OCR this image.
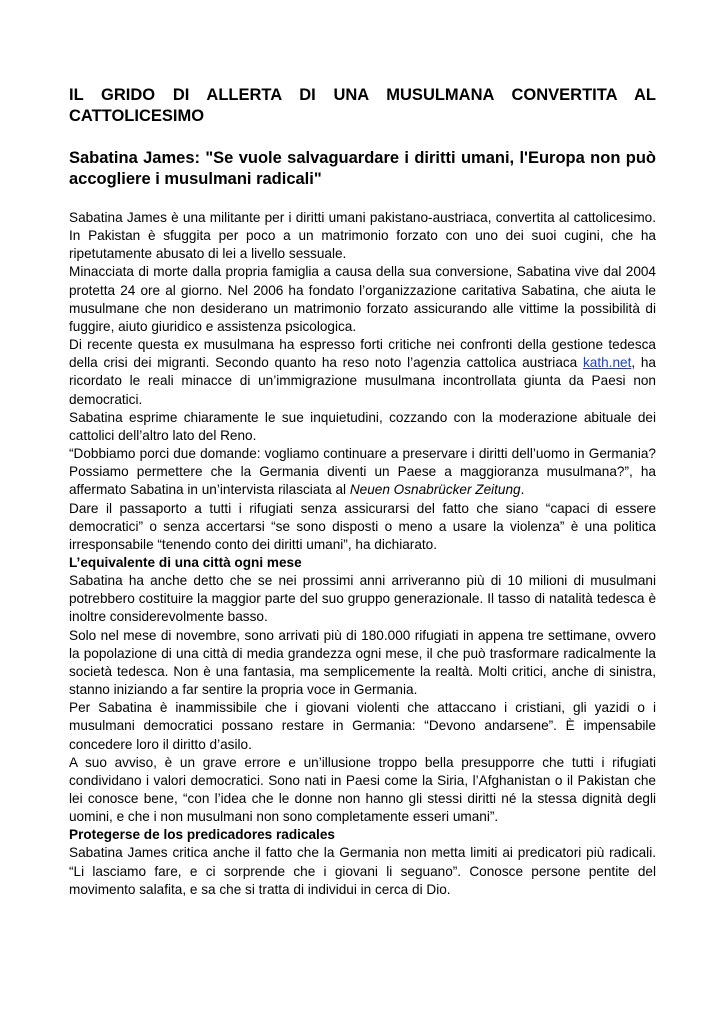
IL GRIDO DI ALLERTA DI UNA MUSULMANA CONVERTITA AL CATTOLICESIMO
Sabatina James: "Se vuole salvaguardare i diritti umani, l'Europa non può accogliere i musulmani radicali"

Sabatina James è una militante per i diritti umani pakistano-austriaca, convertita al cattolicesimo. In Pakistan è sfuggita per poco a un matrimonio forzato con uno dei suoi cugini, che ha ripetutamente abusato di lei a livello sessuale.

Minacciata di morte dalla propria famiglia a causa della sua conversione, Sabatina vive dal 2004 protetta 24 ore al giorno. Nel 2006 ha fondato l’organizzazione caritativa Sabatina, che aiuta le musulmane che non desiderano un matrimonio forzato assicurando alle vittime la possibilità di fuggire, aiuto giuridico e assistenza psicologica.

Di recente questa ex musulmana ha espresso forti critiche nei confronti della gestione tedesca della crisi dei migranti. Secondo quanto ha reso noto l’agenzia cattolica austriaca kath.net, ha ricordato le reali minacce di un’immigrazione musulmana incontrollata giunta da Paesi non democratici.

Sabatina esprime chiaramente le sue inquietudini, cozzando con la moderazione abituale dei cattolici dell’altro lato del Reno.

“Dobbiamo porci due domande: vogliamo continuare a preservare i diritti dell’uomo in Germania? Possiamo permettere che la Germania diventi un Paese a maggioranza musulmana?”, ha affermato Sabatina in un’intervista rilasciata al Neuen Osnabrücker Zeitung.

Dare il passaporto a tutti i rifugiati senza assicurarsi del fatto che siano “capaci di essere democratici” o senza accertarsi “se sono disposti o meno a usare la violenza” è una politica irresponsabile “tenendo conto dei diritti umani”, ha dichiarato.

L’equivalente di una città ogni mese

Sabatina ha anche detto che se nei prossimi anni arriveranno più di 10 milioni di musulmani potrebbero costituire la maggior parte del suo gruppo generazionale. Il tasso di natalità tedesca è inoltre considerevolmente basso.

Solo nel mese di novembre, sono arrivati più di 180.000 rifugiati in appena tre settimane, ovvero la popolazione di una città di media grandezza ogni mese, il che può trasformare radicalmente la società tedesca. Non è una fantasia, ma semplicemente la realtà. Molti critici, anche di sinistra, stanno iniziando a far sentire la propria voce in Germania.

Per Sabatina è inammissibile che i giovani violenti che attaccano i cristiani, gli yazidi o i musulmani democratici possano restare in Germania: “Devono andarsene”. È impensabile concedere loro il diritto d’asilo.

A suo avviso, è un grave errore e un’illusione troppo bella presupporre che tutti i rifugiati condividano i valori democratici. Sono nati in Paesi come la Siria, l’Afghanistan o il Pakistan che lei conosce bene, “con l’idea che le donne non hanno gli stessi diritti né la stessa dignità degli uomini, e che i non musulmani non sono completamente esseri umani”.

Protegerse de los predicadores radicales

Sabatina James critica anche il fatto che la Germania non metta limiti ai predicatori più radicali. “Li lasciamo fare, e ci sorprende che i giovani li seguano”. Conosce persone pentite del movimento salafita, e sa che si tratta di individui in cerca di Dio.
